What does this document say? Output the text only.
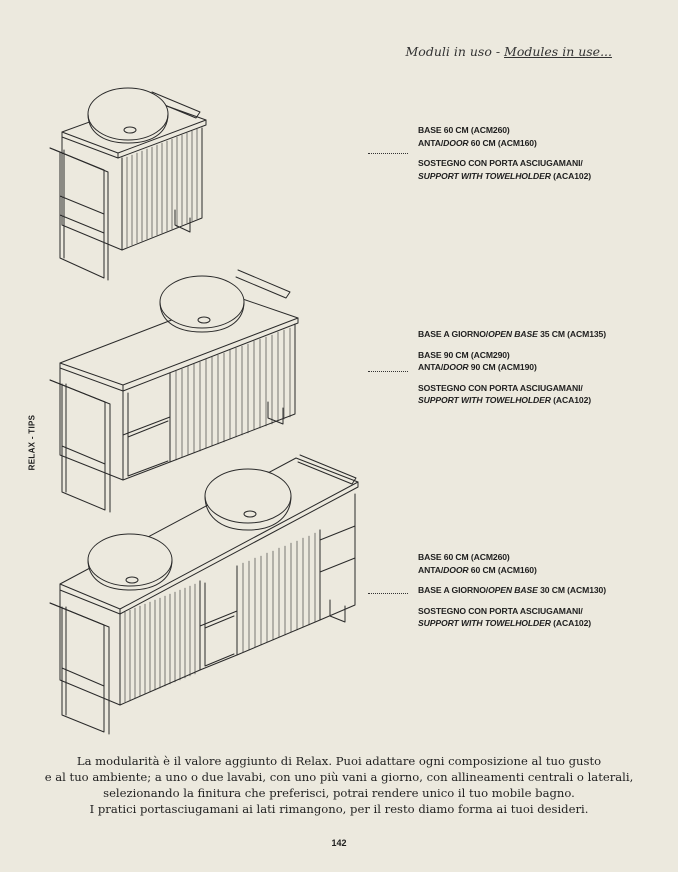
Moduli in uso - Modules in use...
RELAX - TIPS
BASE 60 CM (ACM260)
ANTA/DOOR 60 CM (ACM160)
SOSTEGNO CON PORTA ASCIUGAMANI/
SUPPORT WITH TOWELHOLDER (ACA102)
BASE A GIORNO/OPEN BASE 35 CM (ACM135)
BASE 90 CM (ACM290)
ANTA/DOOR 90 CM (ACM190)
SOSTEGNO CON PORTA ASCIUGAMANI/
SUPPORT WITH TOWELHOLDER (ACA102)
BASE 60 CM (ACM260)
ANTA/DOOR 60 CM (ACM160)
BASE A GIORNO/OPEN BASE 30 CM (ACM130)
SOSTEGNO CON PORTA ASCIUGAMANI/
SUPPORT WITH TOWELHOLDER (ACA102)
La modularità è il valore aggiunto di Relax. Puoi adattare ogni composizione al tuo gusto
e al tuo ambiente; a uno o due lavabi, con uno più vani a giorno, con allineamenti centrali o laterali,
selezionando la finitura che preferisci, potrai rendere unico il tuo mobile bagno.
I pratici portasciugamani ai lati rimangono, per il resto diamo forma ai tuoi desideri.
142
